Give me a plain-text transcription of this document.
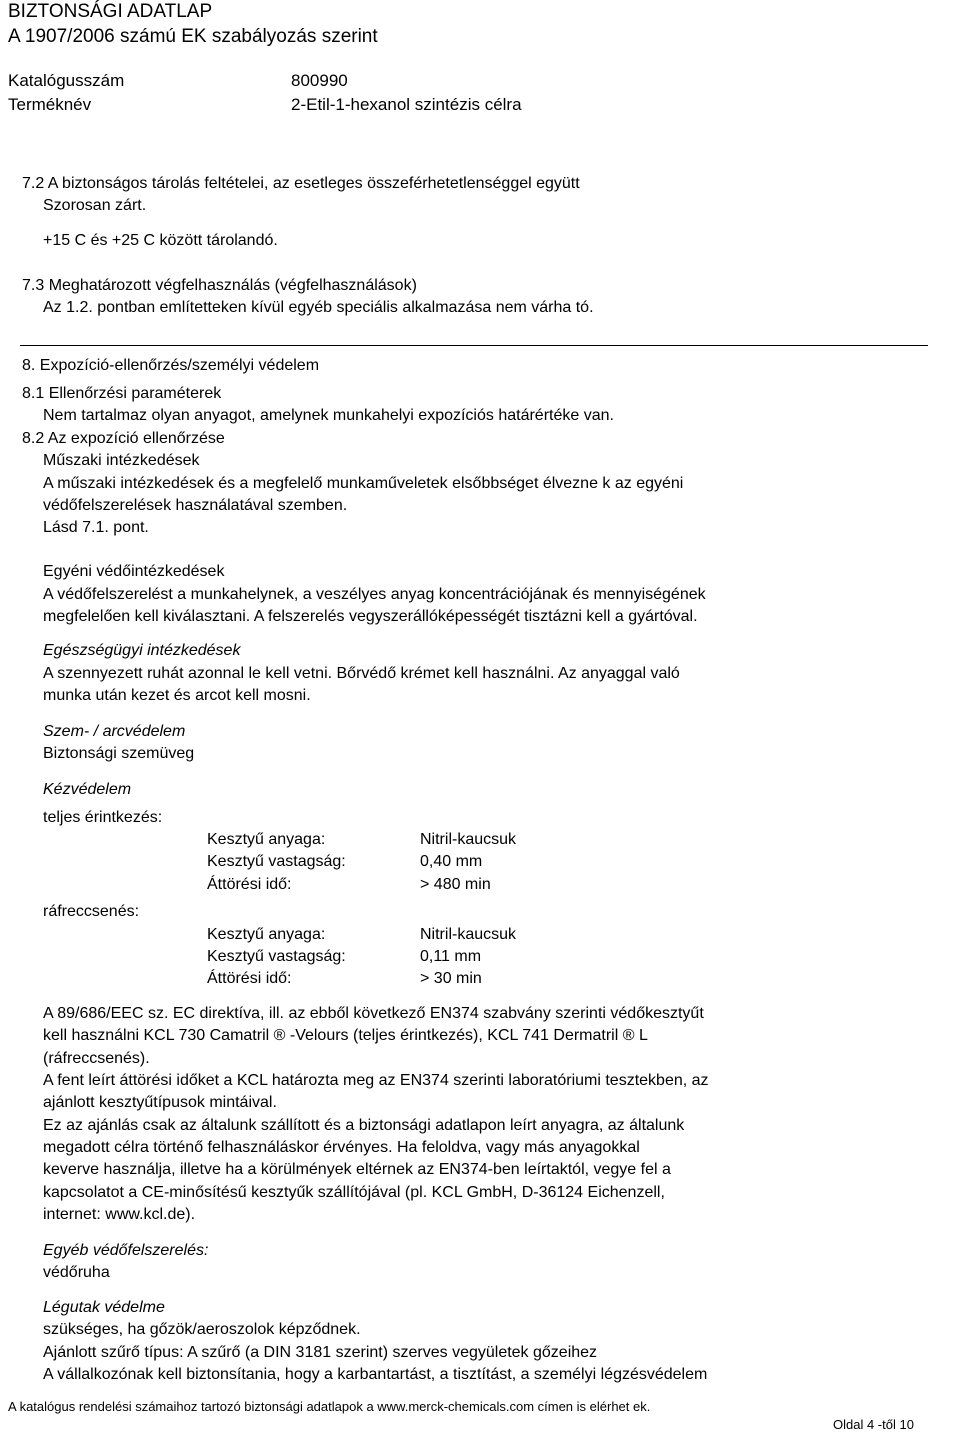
BIZTONSÁGI ADATLAP
A 1907/2006 számú EK szabályozás szerint
Katalógusszám	800990
Terméknév	2-Etil-1-hexanol szintézis célra
7.2 A biztonságos tárolás feltételei, az esetleges összeférhetetlenséggel együtt
Szorosan zárt.
+15 C és +25 C között tárolandó.
7.3 Meghatározott végfelhasználás (végfelhasználások)
Az 1.2. pontban említetteken kívül egyéb speciális alkalmazása nem várha tó.
8. Expozíció-ellenőrzés/személyi védelem
8.1 Ellenőrzési paraméterek
Nem tartalmaz olyan anyagot, amelynek munkahelyi expozíciós határértéke van.
8.2 Az expozíció ellenőrzése
Műszaki intézkedések
A műszaki intézkedések és a megfelelő munkaműveletek elsőbbséget élvezne k az egyéni
védőfelszerelések használatával szemben.
Lásd 7.1. pont.
Egyéni védőintézkedések
A védőfelszerelést a munkahelynek, a veszélyes anyag koncentrációjának és mennyiségének
megfelelően kell kiválasztani. A felszerelés vegyszerállóképességét tisztázni kell a gyártóval.
Egészségügyi intézkedések
A szennyezett ruhát azonnal le kell vetni. Bőrvédő krémet kell használni. Az anyaggal való
munka után kezet és arcot kell mosni.
Szem- / arcvédelem
Biztonsági szemüveg
Kézvédelem
teljes érintkezés:
Kesztyű anyaga:	Nitril-kaucsuk
Kesztyű vastagság:	0,40 mm
Áttörési idő:	> 480 min
ráfreccsenés:
Kesztyű anyaga:	Nitril-kaucsuk
Kesztyű vastagság:	0,11 mm
Áttörési idő:	> 30 min
A 89/686/EEC sz. EC direktíva, ill. az ebből következő EN374 szabvány szerinti védőkesztyűt
kell használni KCL 730 Camatril ® -Velours (teljes érintkezés), KCL 741 Dermatril ® L
(ráfreccsenés).
A fent leírt áttörési időket a KCL határozta meg az EN374 szerinti laboratóriumi tesztekben, az
ajánlott kesztyűtípusok mintáival.
Ez az ajánlás csak az általunk szállított és a biztonsági adatlapon leírt anyagra, az általunk
megadott célra történő felhasználáskor érvényes. Ha feloldva, vagy más anyagokkal
keverve használja, illetve ha a körülmények eltérnek az EN374-ben leírtaktól, vegye fel a
kapcsolatot a CE-minősítésű kesztyűk szállítójával (pl. KCL GmbH, D-36124 Eichenzell,
internet: www.kcl.de).
Egyéb védőfelszerelés:
védőruha
Légutak védelme
szükséges, ha gőzök/aeroszolok képződnek.
Ajánlott szűrő típus: A szűrő (a DIN 3181 szerint) szerves vegyületek gőzeihez
A vállalkozónak kell biztonsítania, hogy a karbantartást, a tisztítást, a személyi légzésvédelem
A katalógus rendelési számaihoz tartozó biztonsági adatlapok a www.merck-chemicals.com címen is elérhet ek.
Oldal 4 -től 10
